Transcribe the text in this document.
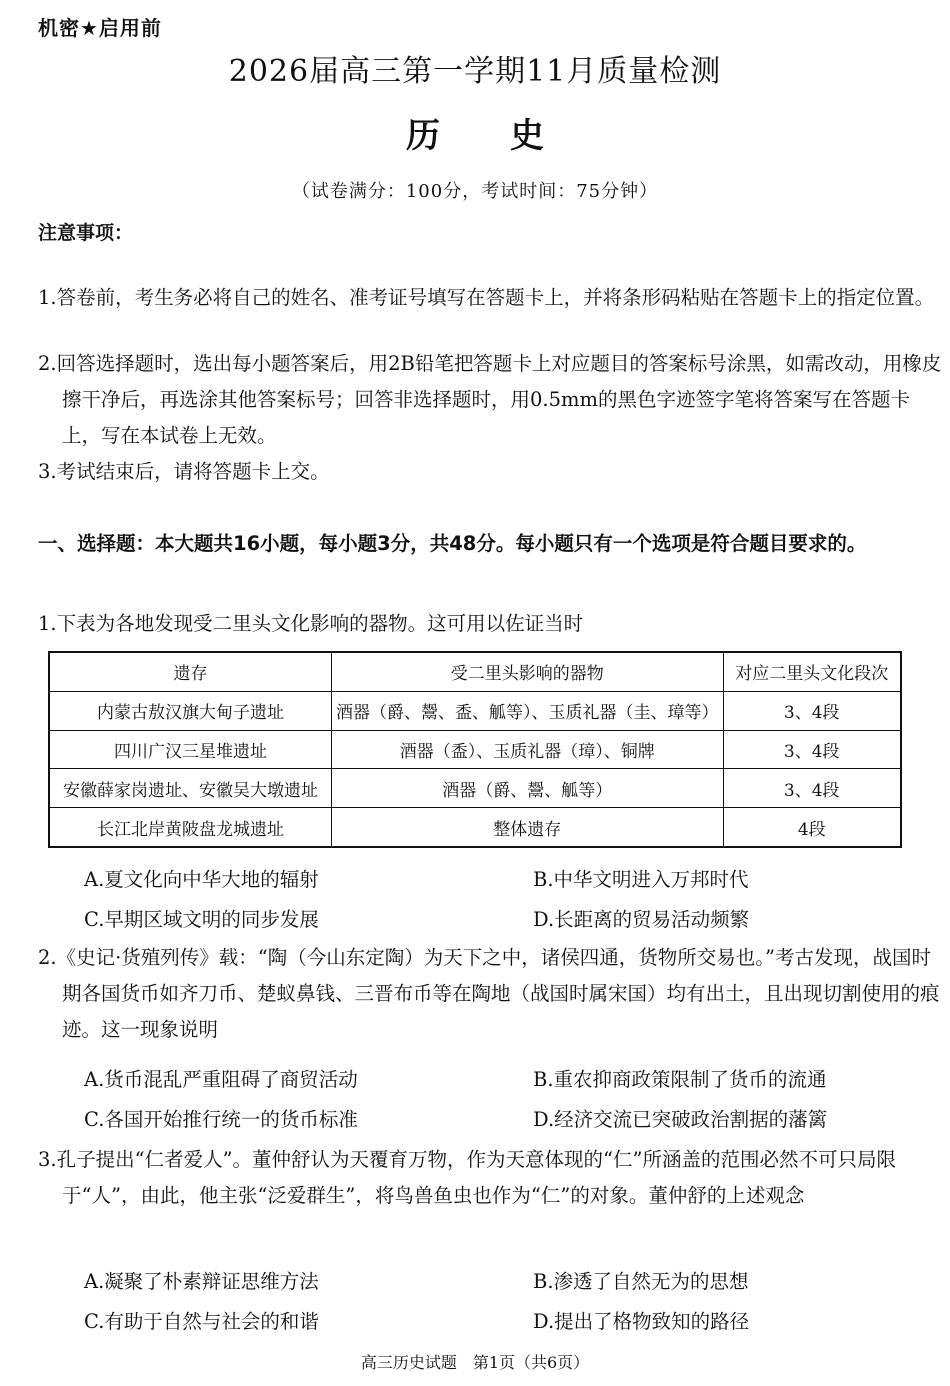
机密★启用前
2026届高三第一学期11月质量检测
历史
（试卷满分：100分，考试时间：75分钟）
注意事项：
1.答卷前，考生务必将自己的姓名、准考证号填写在答题卡上，并将条形码粘贴在答题卡上的指定位置。
2.回答选择题时，选出每小题答案后，用2B铅笔把答题卡上对应题目的答案标号涂黑，如需改动，用橡皮擦干净后，再选涂其他答案标号；回答非选择题时，用0.5mm的黑色字迹签字笔将答案写在答题卡上，写在本试卷上无效。
3.考试结束后，请将答题卡上交。
一、选择题：本大题共16小题，每小题3分，共48分。每小题只有一个选项是符合题目要求的。
1.下表为各地发现受二里头文化影响的器物。这可用以佐证当时
遗存	受二里头影响的器物	对应二里头文化段次
内蒙古敖汉旗大甸子遗址	酒器（爵、鬶、盉、觚等）、玉质礼器（圭、璋等）	3、4段
四川广汉三星堆遗址	酒器（盉）、玉质礼器（璋）、铜牌	3、4段
安徽薛家岗遗址、安徽吴大墩遗址	酒器（爵、鬶、觚等）	3、4段
长江北岸黄陂盘龙城遗址	整体遗存	4段
A.夏文化向中华大地的辐射	B.中华文明进入万邦时代
C.早期区域文明的同步发展	D.长距离的贸易活动频繁
2.《史记·货殖列传》载：“陶（今山东定陶）为天下之中，诸侯四通，货物所交易也。”考古发现，战国时期各国货币如齐刀币、楚蚁鼻钱、三晋布币等在陶地（战国时属宋国）均有出土，且出现切割使用的痕迹。这一现象说明
A.货币混乱严重阻碍了商贸活动	B.重农抑商政策限制了货币的流通
C.各国开始推行统一的货币标准	D.经济交流已突破政治割据的藩篱
3.孔子提出“仁者爱人”。董仲舒认为天覆育万物，作为天意体现的“仁”所涵盖的范围必然不可只局限于“人”，由此，他主张“泛爱群生”，将鸟兽鱼虫也作为“仁”的对象。董仲舒的上述观念
A.凝聚了朴素辩证思维方法	B.渗透了自然无为的思想
C.有助于自然与社会的和谐	D.提出了格物致知的路径
高三历史试题　第1页（共6页）
